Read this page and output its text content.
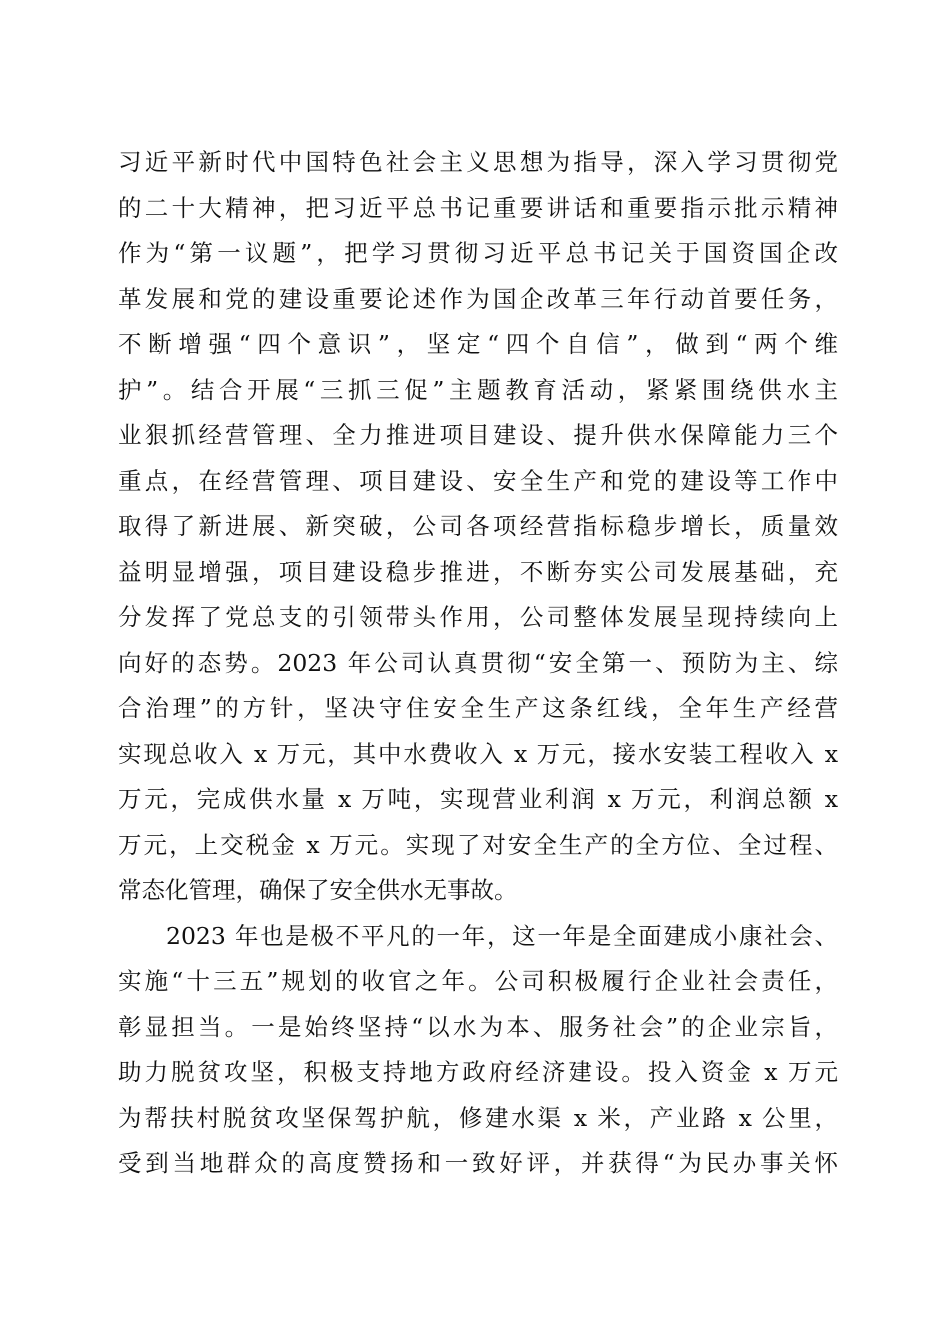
习近平新时代中国特色社会主义思想为指导，深入学习贯彻党
的二十大精神，把习近平总书记重要讲话和重要指示批示精神
作为“第一议题”，把学习贯彻习近平总书记关于国资国企改
革发展和党的建设重要论述作为国企改革三年行动首要任务，
不断增强“四个意识”，坚定“四个自信”，做到“两个维
护”。结合开展“三抓三促”主题教育活动，紧紧围绕供水主
业狠抓经营管理、全力推进项目建设、提升供水保障能力三个
重点，在经营管理、项目建设、安全生产和党的建设等工作中
取得了新进展、新突破，公司各项经营指标稳步增长，质量效
益明显增强，项目建设稳步推进，不断夯实公司发展基础，充
分发挥了党总支的引领带头作用，公司整体发展呈现持续向上
向好的态势。2023 年公司认真贯彻“安全第一、预防为主、综
合治理”的方针，坚决守住安全生产这条红线，全年生产经营
实现总收入 x 万元，其中水费收入 x 万元，接水安装工程收入 x
万元，完成供水量 x 万吨，实现营业利润 x 万元，利润总额 x
万元，上交税金 x 万元。实现了对安全生产的全方位、全过程、
常态化管理，确保了安全供水无事故。
2023 年也是极不平凡的一年，这一年是全面建成小康社会、
实施“十三五”规划的收官之年。公司积极履行企业社会责任，
彰显担当。一是始终坚持“以水为本、服务社会”的企业宗旨，
助力脱贫攻坚，积极支持地方政府经济建设。投入资金 x 万元
为帮扶村脱贫攻坚保驾护航，修建水渠 x 米，产业路 x 公里，
受到当地群众的高度赞扬和一致好评，并获得“为民办事关怀
